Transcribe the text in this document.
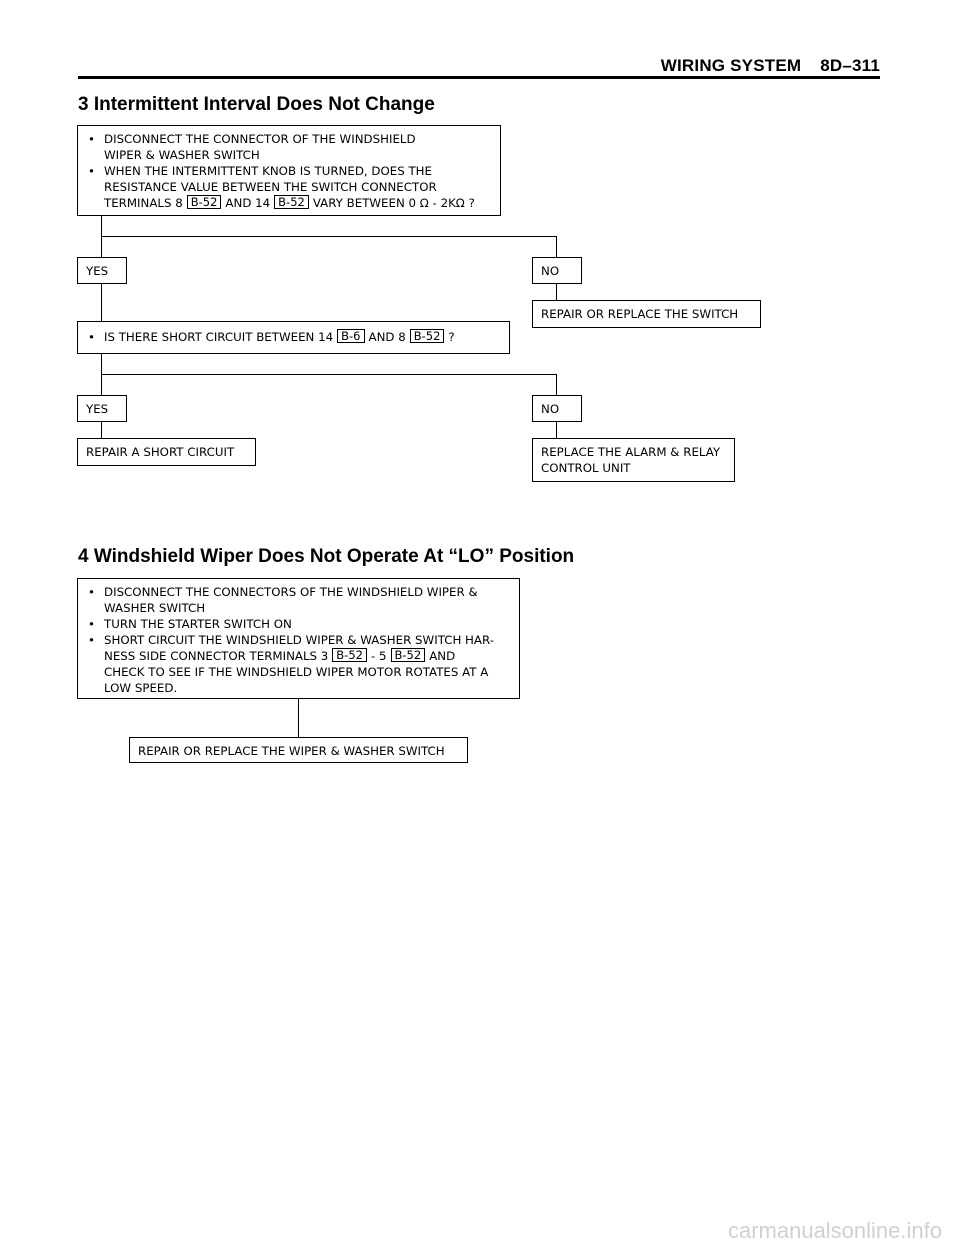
WIRING SYSTEM 8D–311
3 Intermittent Interval Does Not Change
• DISCONNECT THE CONNECTOR OF THE WINDSHIELD
WIPER & WASHER SWITCH
• WHEN THE INTERMITTENT KNOB IS TURNED, DOES THE
RESISTANCE VALUE BETWEEN THE SWITCH CONNECTOR
TERMINALS 8 B-52 AND 14 B-52 VARY BETWEEN 0 Ω - 2KΩ ?
YES	NO
REPAIR OR REPLACE THE SWITCH
• IS THERE SHORT CIRCUIT BETWEEN 14 B-6 AND 8 B-52 ?
YES	NO
REPAIR A SHORT CIRCUIT	REPLACE THE ALARM & RELAY
CONTROL UNIT
4 Windshield Wiper Does Not Operate At “LO” Position
• DISCONNECT THE CONNECTORS OF THE WINDSHIELD WIPER &
WASHER SWITCH
• TURN THE STARTER SWITCH ON
• SHORT CIRCUIT THE WINDSHIELD WIPER & WASHER SWITCH HAR-
NESS SIDE CONNECTOR TERMINALS 3 B-52 - 5 B-52 AND
CHECK TO SEE IF THE WINDSHIELD WIPER MOTOR ROTATES AT A
LOW SPEED.
REPAIR OR REPLACE THE WIPER & WASHER SWITCH
carmanualsonline.info
